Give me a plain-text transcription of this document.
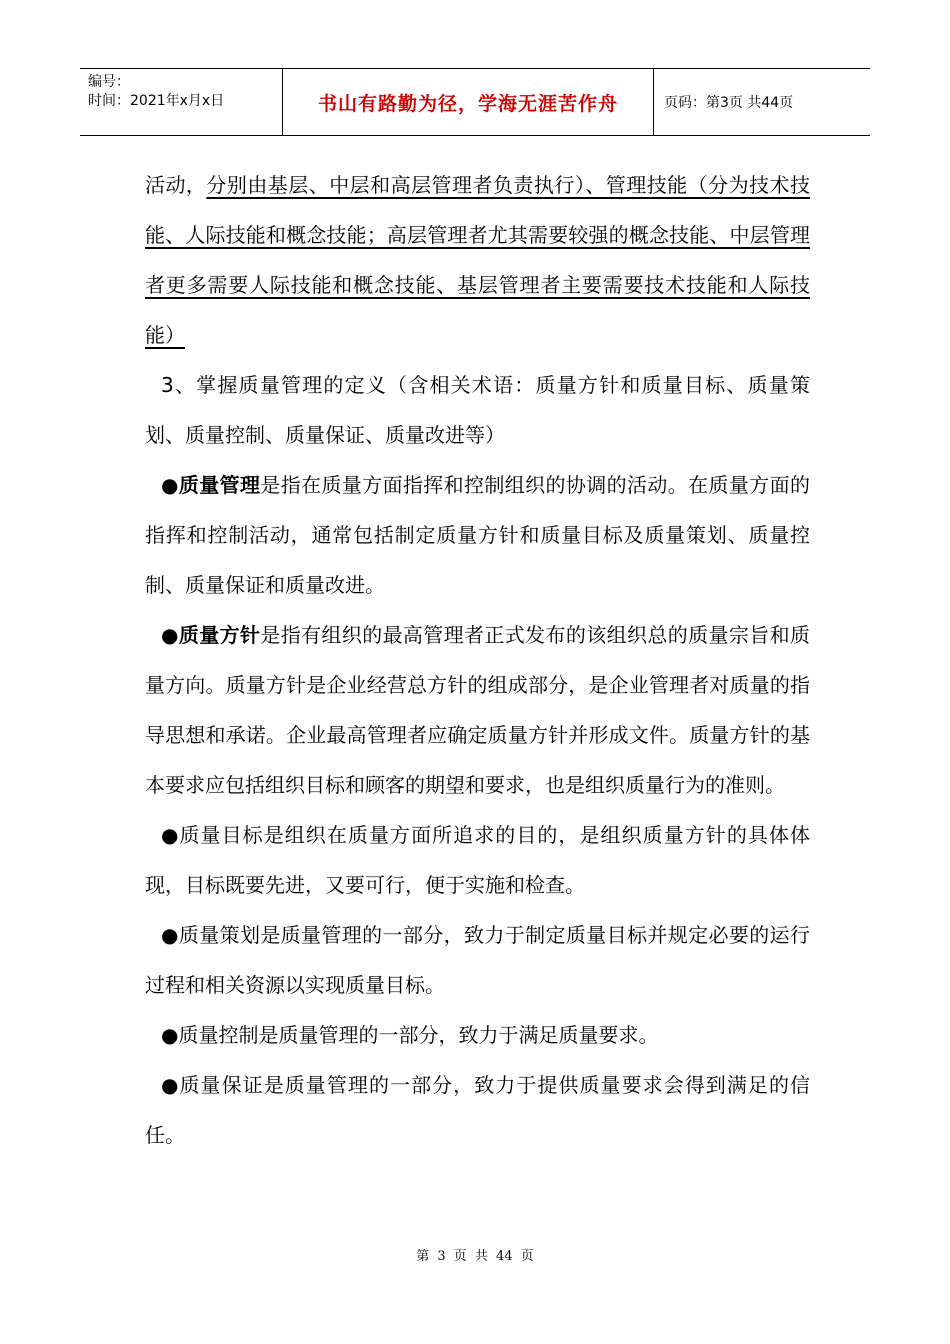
编号：
时间：2021年x月x日	书山有路勤为径，学海无涯苦作舟	页码：第3页 共44页

活动，分别由基层、中层和高层管理者负责执行）、管理技能（分为技术技能、人际技能和概念技能；高层管理者尤其需要较强的概念技能、中层管理者更多需要人际技能和概念技能、基层管理者主要需要技术技能和人际技能）

3、掌握质量管理的定义（含相关术语：质量方针和质量目标、质量策划、质量控制、质量保证、质量改进等）

●质量管理是指在质量方面指挥和控制组织的协调的活动。在质量方面的指挥和控制活动，通常包括制定质量方针和质量目标及质量策划、质量控制、质量保证和质量改进。

●质量方针是指有组织的最高管理者正式发布的该组织总的质量宗旨和质量方向。质量方针是企业经营总方针的组成部分，是企业管理者对质量的指导思想和承诺。企业最高管理者应确定质量方针并形成文件。质量方针的基本要求应包括组织目标和顾客的期望和要求，也是组织质量行为的准则。

●质量目标是组织在质量方面所追求的目的，是组织质量方针的具体体现，目标既要先进，又要可行，便于实施和检查。

●质量策划是质量管理的一部分，致力于制定质量目标并规定必要的运行过程和相关资源以实现质量目标。

●质量控制是质量管理的一部分，致力于满足质量要求。

●质量保证是质量管理的一部分，致力于提供质量要求会得到满足的信任。

第 3 页 共 44 页
